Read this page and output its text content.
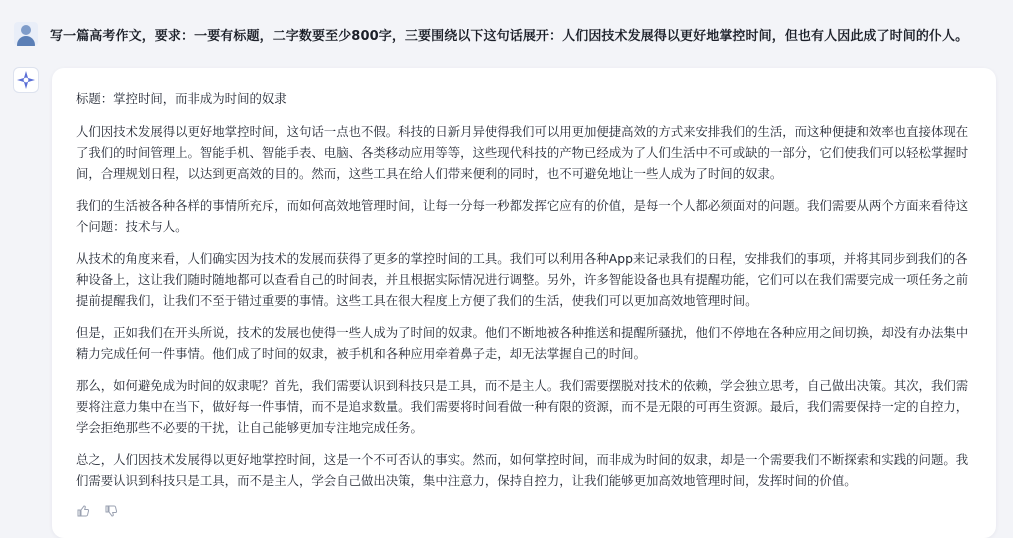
写一篇高考作文，要求：一要有标题，二字数要至少800字，三要围绕以下这句话展开：人们因技术发展得以更好地掌控时间，但也有人因此成了时间的仆人。

标题：掌控时间，而非成为时间的奴隶

人们因技术发展得以更好地掌控时间，这句话一点也不假。科技的日新月异使得我们可以用更加便捷高效的方式来安排我们的生活，而这种便捷和效率也直接体现在了我们的时间管理上。智能手机、智能手表、电脑、各类移动应用等等，这些现代科技的产物已经成为了人们生活中不可或缺的一部分，它们使我们可以轻松掌握时间，合理规划日程，以达到更高效的目的。然而，这些工具在给人们带来便利的同时，也不可避免地让一些人成为了时间的奴隶。

我们的生活被各种各样的事情所充斥，而如何高效地管理时间，让每一分每一秒都发挥它应有的价值，是每一个人都必须面对的问题。我们需要从两个方面来看待这个问题：技术与人。

从技术的角度来看，人们确实因为技术的发展而获得了更多的掌控时间的工具。我们可以利用各种App来记录我们的日程，安排我们的事项，并将其同步到我们的各种设备上，这让我们随时随地都可以查看自己的时间表，并且根据实际情况进行调整。另外，许多智能设备也具有提醒功能，它们可以在我们需要完成一项任务之前提前提醒我们，让我们不至于错过重要的事情。这些工具在很大程度上方便了我们的生活，使我们可以更加高效地管理时间。

但是，正如我们在开头所说，技术的发展也使得一些人成为了时间的奴隶。他们不断地被各种推送和提醒所骚扰，他们不停地在各种应用之间切换，却没有办法集中精力完成任何一件事情。他们成了时间的奴隶，被手机和各种应用牵着鼻子走，却无法掌握自己的时间。

那么，如何避免成为时间的奴隶呢？首先，我们需要认识到科技只是工具，而不是主人。我们需要摆脱对技术的依赖，学会独立思考，自己做出决策。其次，我们需要将注意力集中在当下，做好每一件事情，而不是追求数量。我们需要将时间看做一种有限的资源，而不是无限的可再生资源。最后，我们需要保持一定的自控力，学会拒绝那些不必要的干扰，让自己能够更加专注地完成任务。

总之，人们因技术发展得以更好地掌控时间，这是一个不可否认的事实。然而，如何掌控时间，而非成为时间的奴隶，却是一个需要我们不断探索和实践的问题。我们需要认识到科技只是工具，而不是主人，学会自己做出决策，集中注意力，保持自控力，让我们能够更加高效地管理时间，发挥时间的价值。
